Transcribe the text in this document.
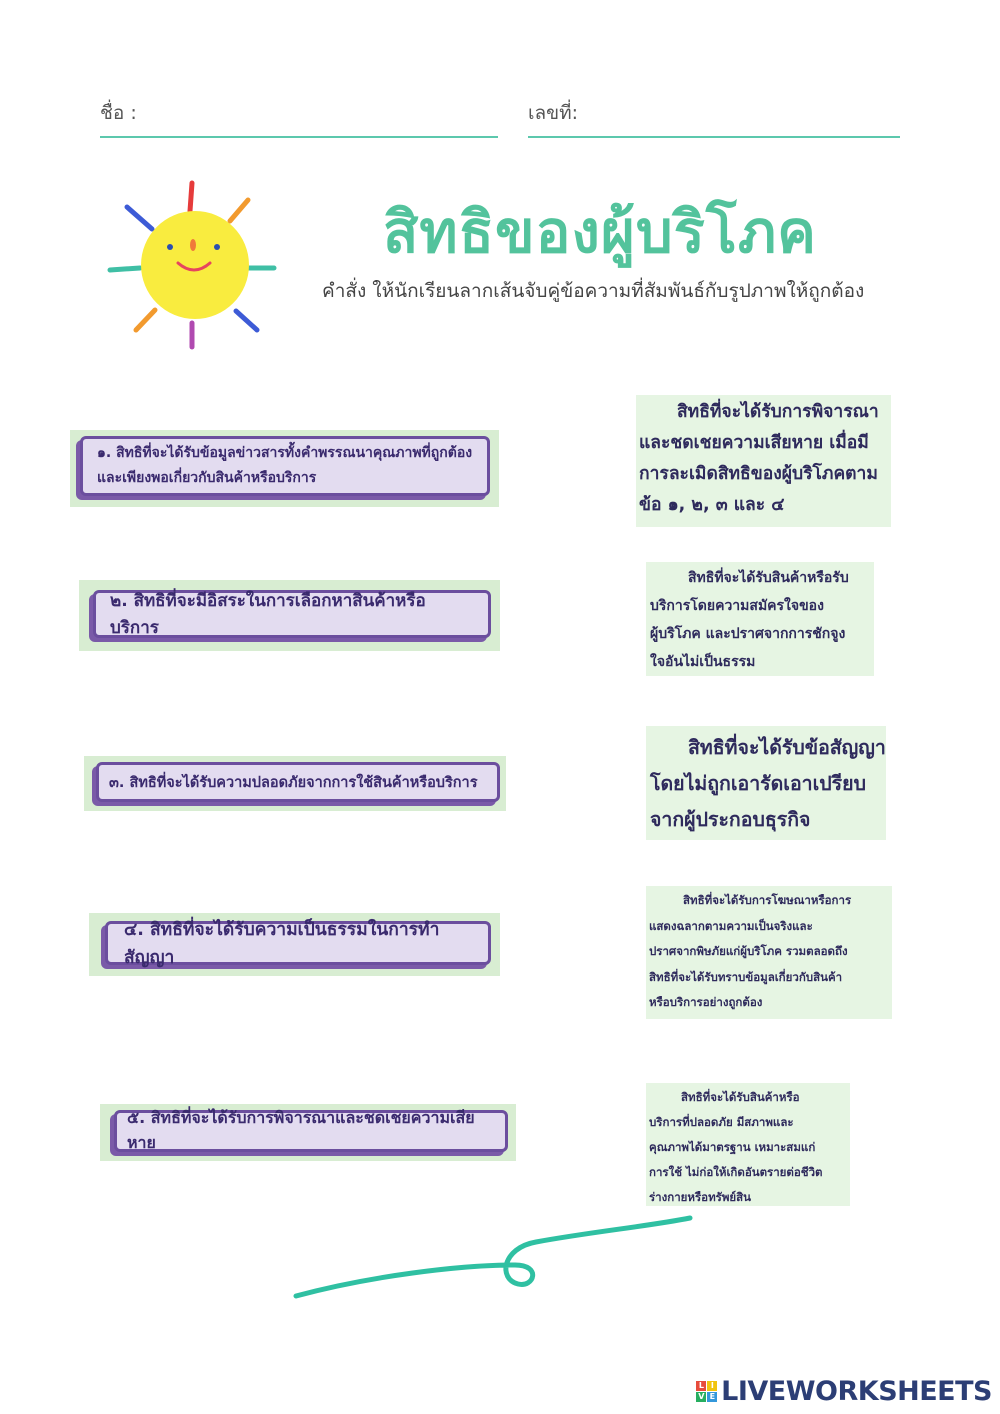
ชื่อ :	เลขที่:
สิทธิของผู้บริโภค
คำสั่ง ให้นักเรียนลากเส้นจับคู่ข้อความที่สัมพันธ์กับรูปภาพให้ถูกต้อง
๑. สิทธิที่จะได้รับข้อมูลข่าวสารทั้งคำพรรณนาคุณภาพที่ถูกต้อง
และเพียงพอเกี่ยวกับสินค้าหรือบริการ
๒. สิทธิที่จะมีอิสระในการเลือกหาสินค้าหรือบริการ
๓. สิทธิที่จะได้รับความปลอดภัยจากการใช้สินค้าหรือบริการ
๔. สิทธิที่จะได้รับความเป็นธรรมในการทำสัญญา
๕. สิทธิที่จะได้รับการพิจารณาและชดเชยความเสียหาย
สิทธิที่จะได้รับการพิจารณา
และชดเชยความเสียหาย เมื่อมี
การละเมิดสิทธิของผู้บริโภคตาม
ข้อ ๑, ๒, ๓ และ ๔
สิทธิที่จะได้รับสินค้าหรือรับ
บริการโดยความสมัครใจของ
ผู้บริโภค และปราศจากการชักจูง
ใจอันไม่เป็นธรรม
สิทธิที่จะได้รับข้อสัญญา
โดยไม่ถูกเอารัดเอาเปรียบ
จากผู้ประกอบธุรกิจ
สิทธิที่จะได้รับการโฆษณาหรือการ
แสดงฉลากตามความเป็นจริงและ
ปราศจากพิษภัยแก่ผู้บริโภค รวมตลอดถึง
สิทธิที่จะได้รับทราบข้อมูลเกี่ยวกับสินค้า
หรือบริการอย่างถูกต้อง
สิทธิที่จะได้รับสินค้าหรือ
บริการที่ปลอดภัย มีสภาพและ
คุณภาพได้มาตรฐาน เหมาะสมแก่
การใช้ ไม่ก่อให้เกิดอันตรายต่อชีวิต
ร่างกายหรือทรัพย์สิน
L I
V E LIVEWORKSHEETS
